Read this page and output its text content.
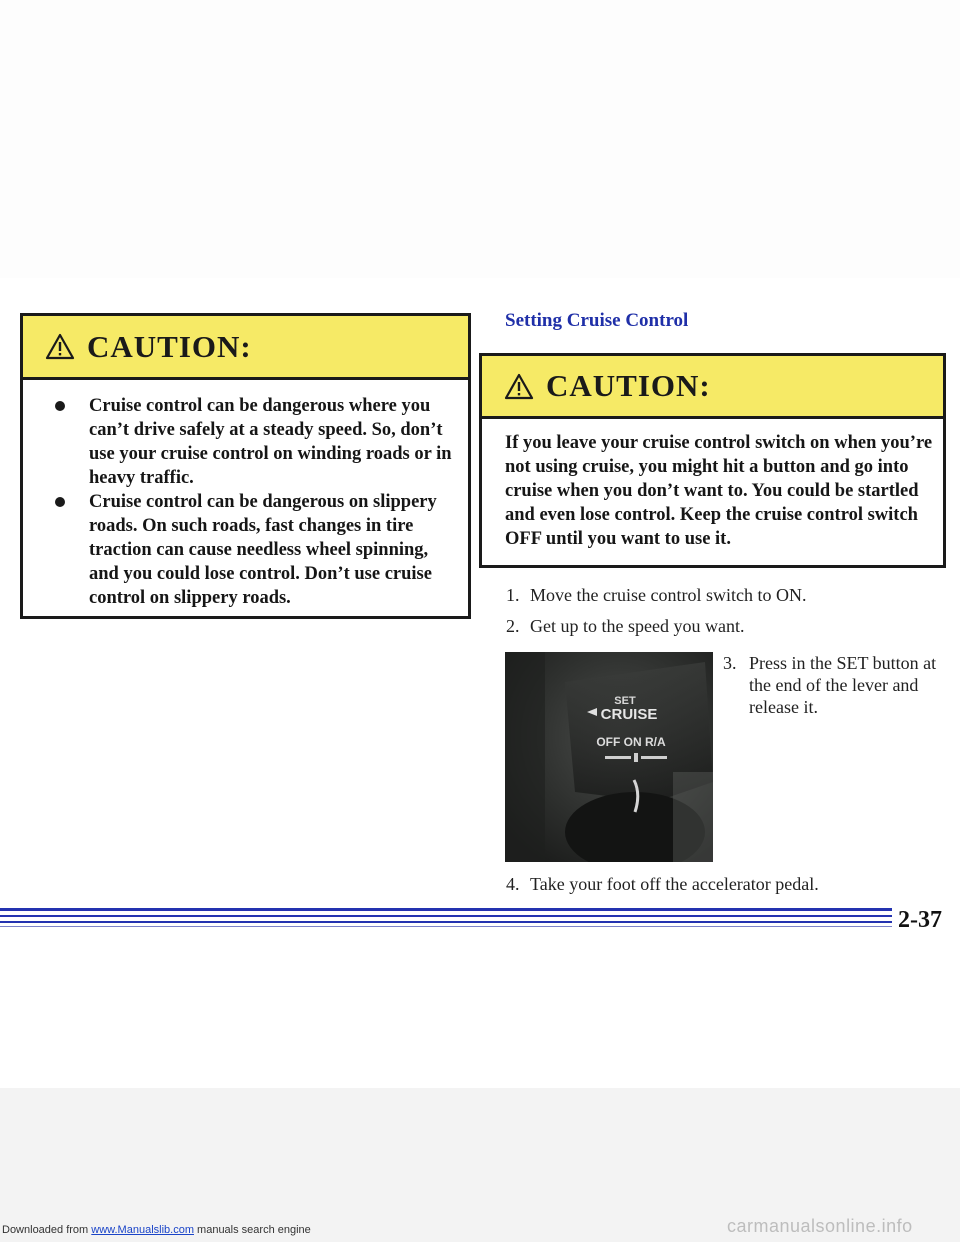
CAUTION:
Cruise control can be dangerous where you can’t drive safely at a steady speed. So, don’t use your cruise control on winding roads or in heavy traffic.
Cruise control can be dangerous on slippery roads. On such roads, fast changes in tire traction can cause needless wheel spinning, and you could lose control. Don’t use cruise control on slippery roads.
Setting Cruise Control
CAUTION:
If you leave your cruise control switch on when you’re not using cruise, you might hit a button and go into cruise when you don’t want to. You could be startled and even lose control. Keep the cruise control switch OFF until you want to use it.
1. Move the cruise control switch to ON.
2. Get up to the speed you want.
SET
CRUISE
OFF ON R/A
3. Press in the SET button at the end of the lever and release it.
4. Take your foot off the accelerator pedal.
2-37
Downloaded from www.Manualslib.com manuals search engine	carmanualsonline.info
